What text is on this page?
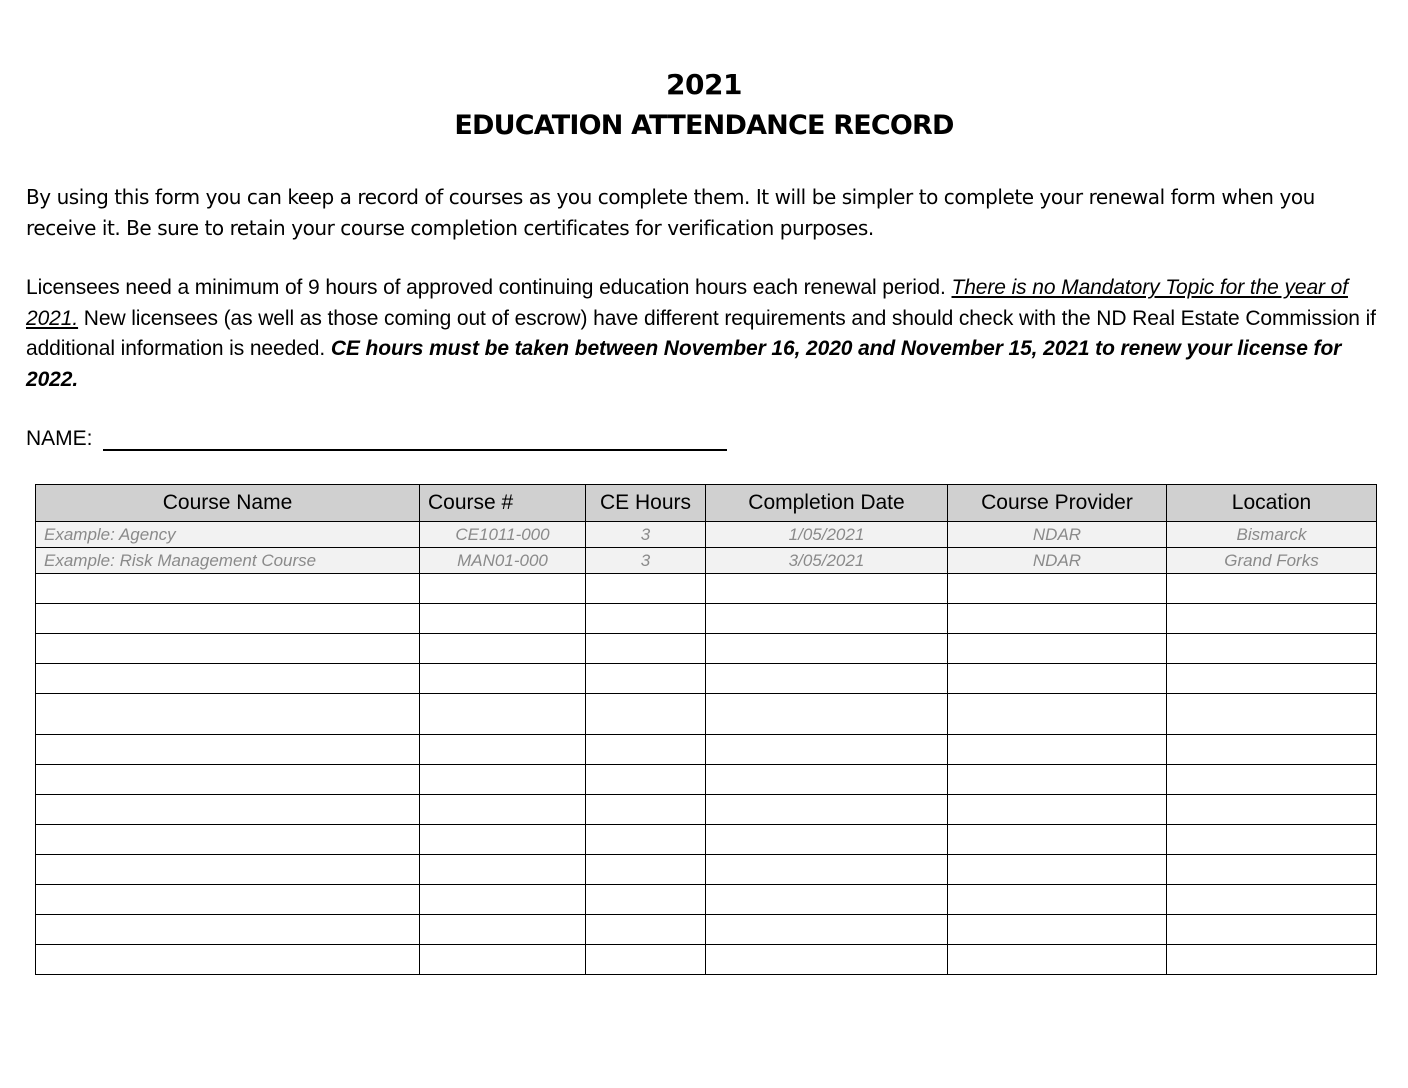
2021
EDUCATION ATTENDANCE RECORD
By using this form you can keep a record of courses as you complete them. It will be simpler to complete your renewal form when you receive it. Be sure to retain your course completion certificates for verification purposes.
Licensees need a minimum of 9 hours of approved continuing education hours each renewal period. There is no Mandatory Topic for the year of 2021. New licensees (as well as those coming out of escrow) have different requirements and should check with the ND Real Estate Commission if additional information is needed. CE hours must be taken between November 16, 2020 and November 15, 2021 to renew your license for 2022.
NAME:
Course Name	Course #	CE Hours	Completion Date	Course Provider	Location
Example: Agency	CE1011-000	3	1/05/2021	NDAR	Bismarck
Example: Risk Management Course	MAN01-000	3	3/05/2021	NDAR	Grand Forks
